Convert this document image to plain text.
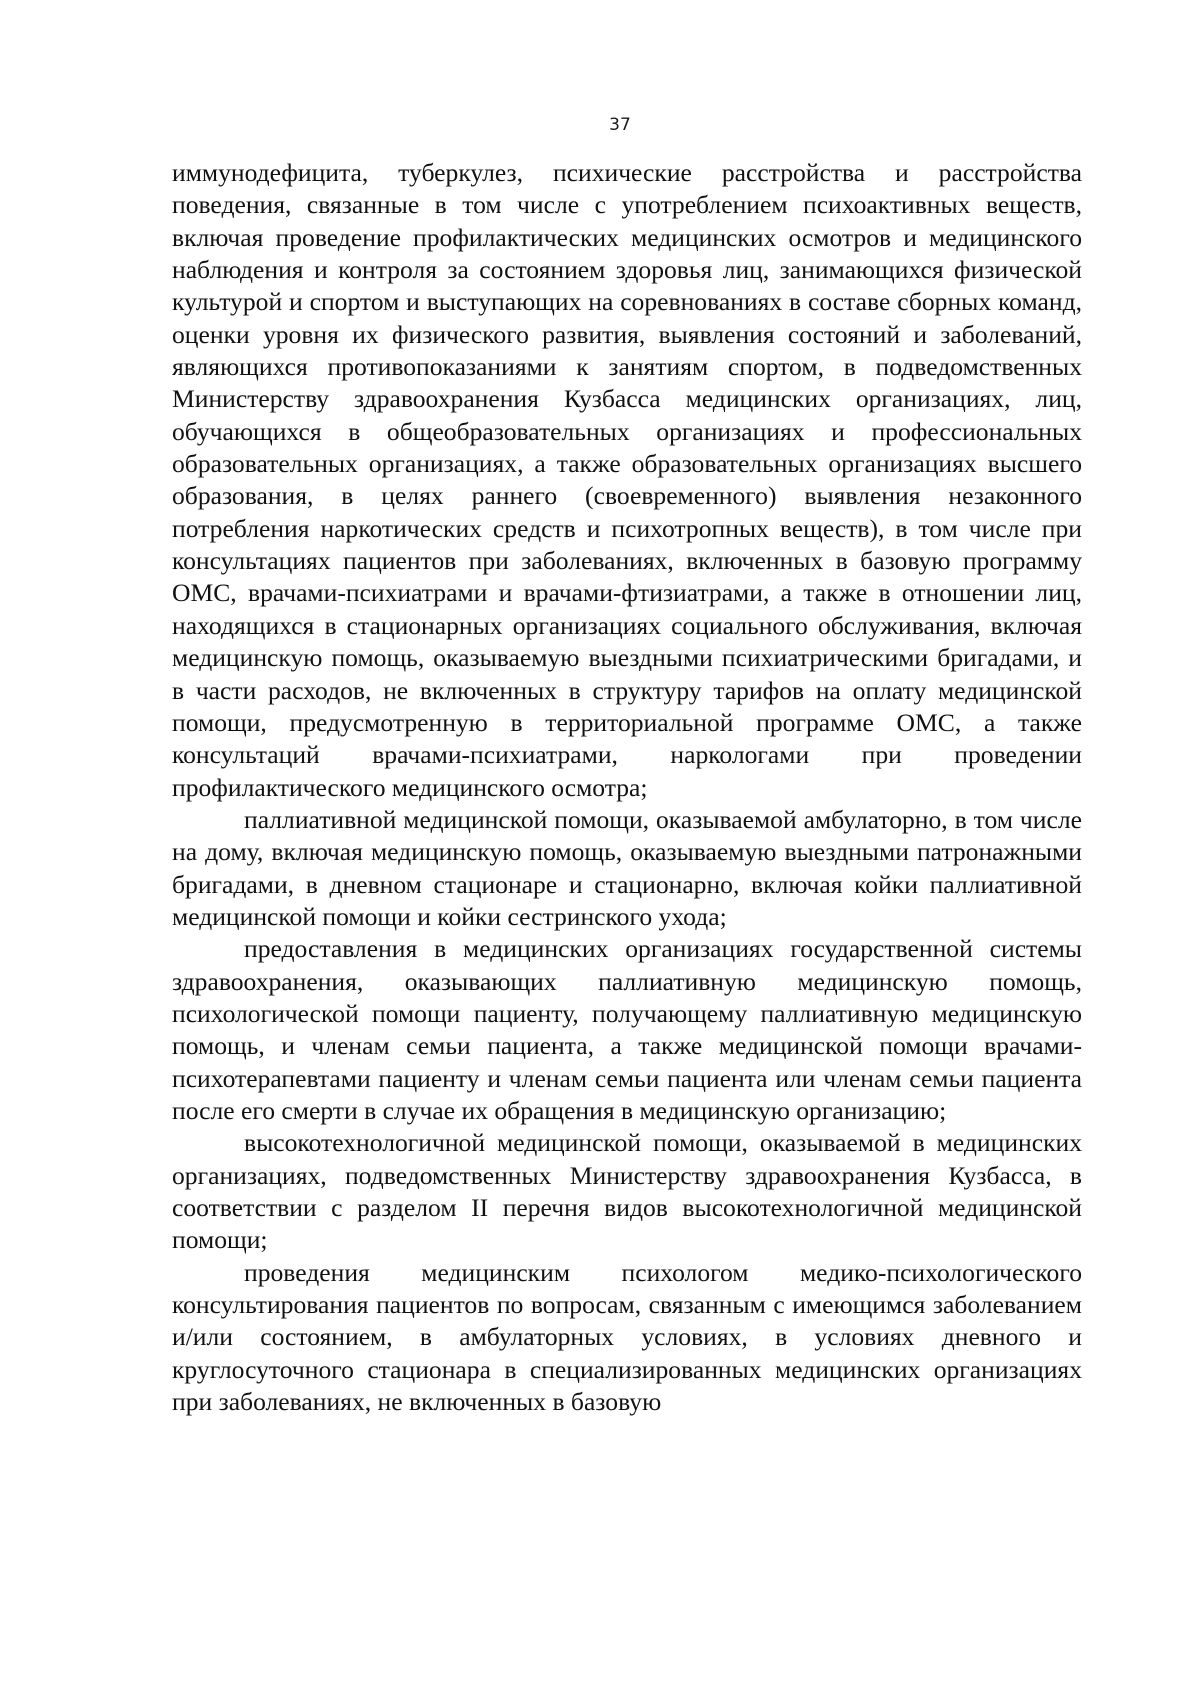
37

иммунодефицита, туберкулез, психические расстройства и расстройства поведения, связанные в том числе с употреблением психоактивных веществ, включая проведение профилактических медицинских осмотров и медицинского наблюдения и контроля за состоянием здоровья лиц, занимающихся физической культурой и спортом и выступающих на соревнованиях в составе сборных команд, оценки уровня их физического развития, выявления состояний и заболеваний, являющихся противопоказаниями к занятиям спортом, в подведомственных Министерству здравоохранения Кузбасса медицинских организациях, лиц, обучающихся в общеобразовательных организациях и профессиональных образовательных организациях, а также образовательных организациях высшего образования, в целях раннего (своевременного) выявления незаконного потребления наркотических средств и психотропных веществ), в том числе при консультациях пациентов при заболеваниях, включенных в базовую программу ОМС, врачами-психиатрами и врачами-фтизиатрами, а также в отношении лиц, находящихся в стационарных организациях социального обслуживания, включая медицинскую помощь, оказываемую выездными психиатрическими бригадами, и в части расходов, не включенных в структуру тарифов на оплату медицинской помощи, предусмотренную в территориальной программе ОМС, а также консультаций врачами-психиатрами, наркологами при проведении профилактического медицинского осмотра;

паллиативной медицинской помощи, оказываемой амбулаторно, в том числе на дому, включая медицинскую помощь, оказываемую выездными патронажными бригадами, в дневном стационаре и стационарно, включая койки паллиативной медицинской помощи и койки сестринского ухода;

предоставления в медицинских организациях государственной системы здравоохранения, оказывающих паллиативную медицинскую помощь, психологической помощи пациенту, получающему паллиативную медицинскую помощь, и членам семьи пациента, а также медицинской помощи врачами-психотерапевтами пациенту и членам семьи пациента или членам семьи пациента после его смерти в случае их обращения в медицинскую организацию;

высокотехнологичной медицинской помощи, оказываемой в медицинских организациях, подведомственных Министерству здравоохранения Кузбасса, в соответствии с разделом II перечня видов высокотехнологичной медицинской помощи;

проведения медицинским психологом медико-психологического консультирования пациентов по вопросам, связанным с имеющимся заболеванием и/или состоянием, в амбулаторных условиях, в условиях дневного и круглосуточного стационара в специализированных медицинских организациях при заболеваниях, не включенных в базовую
